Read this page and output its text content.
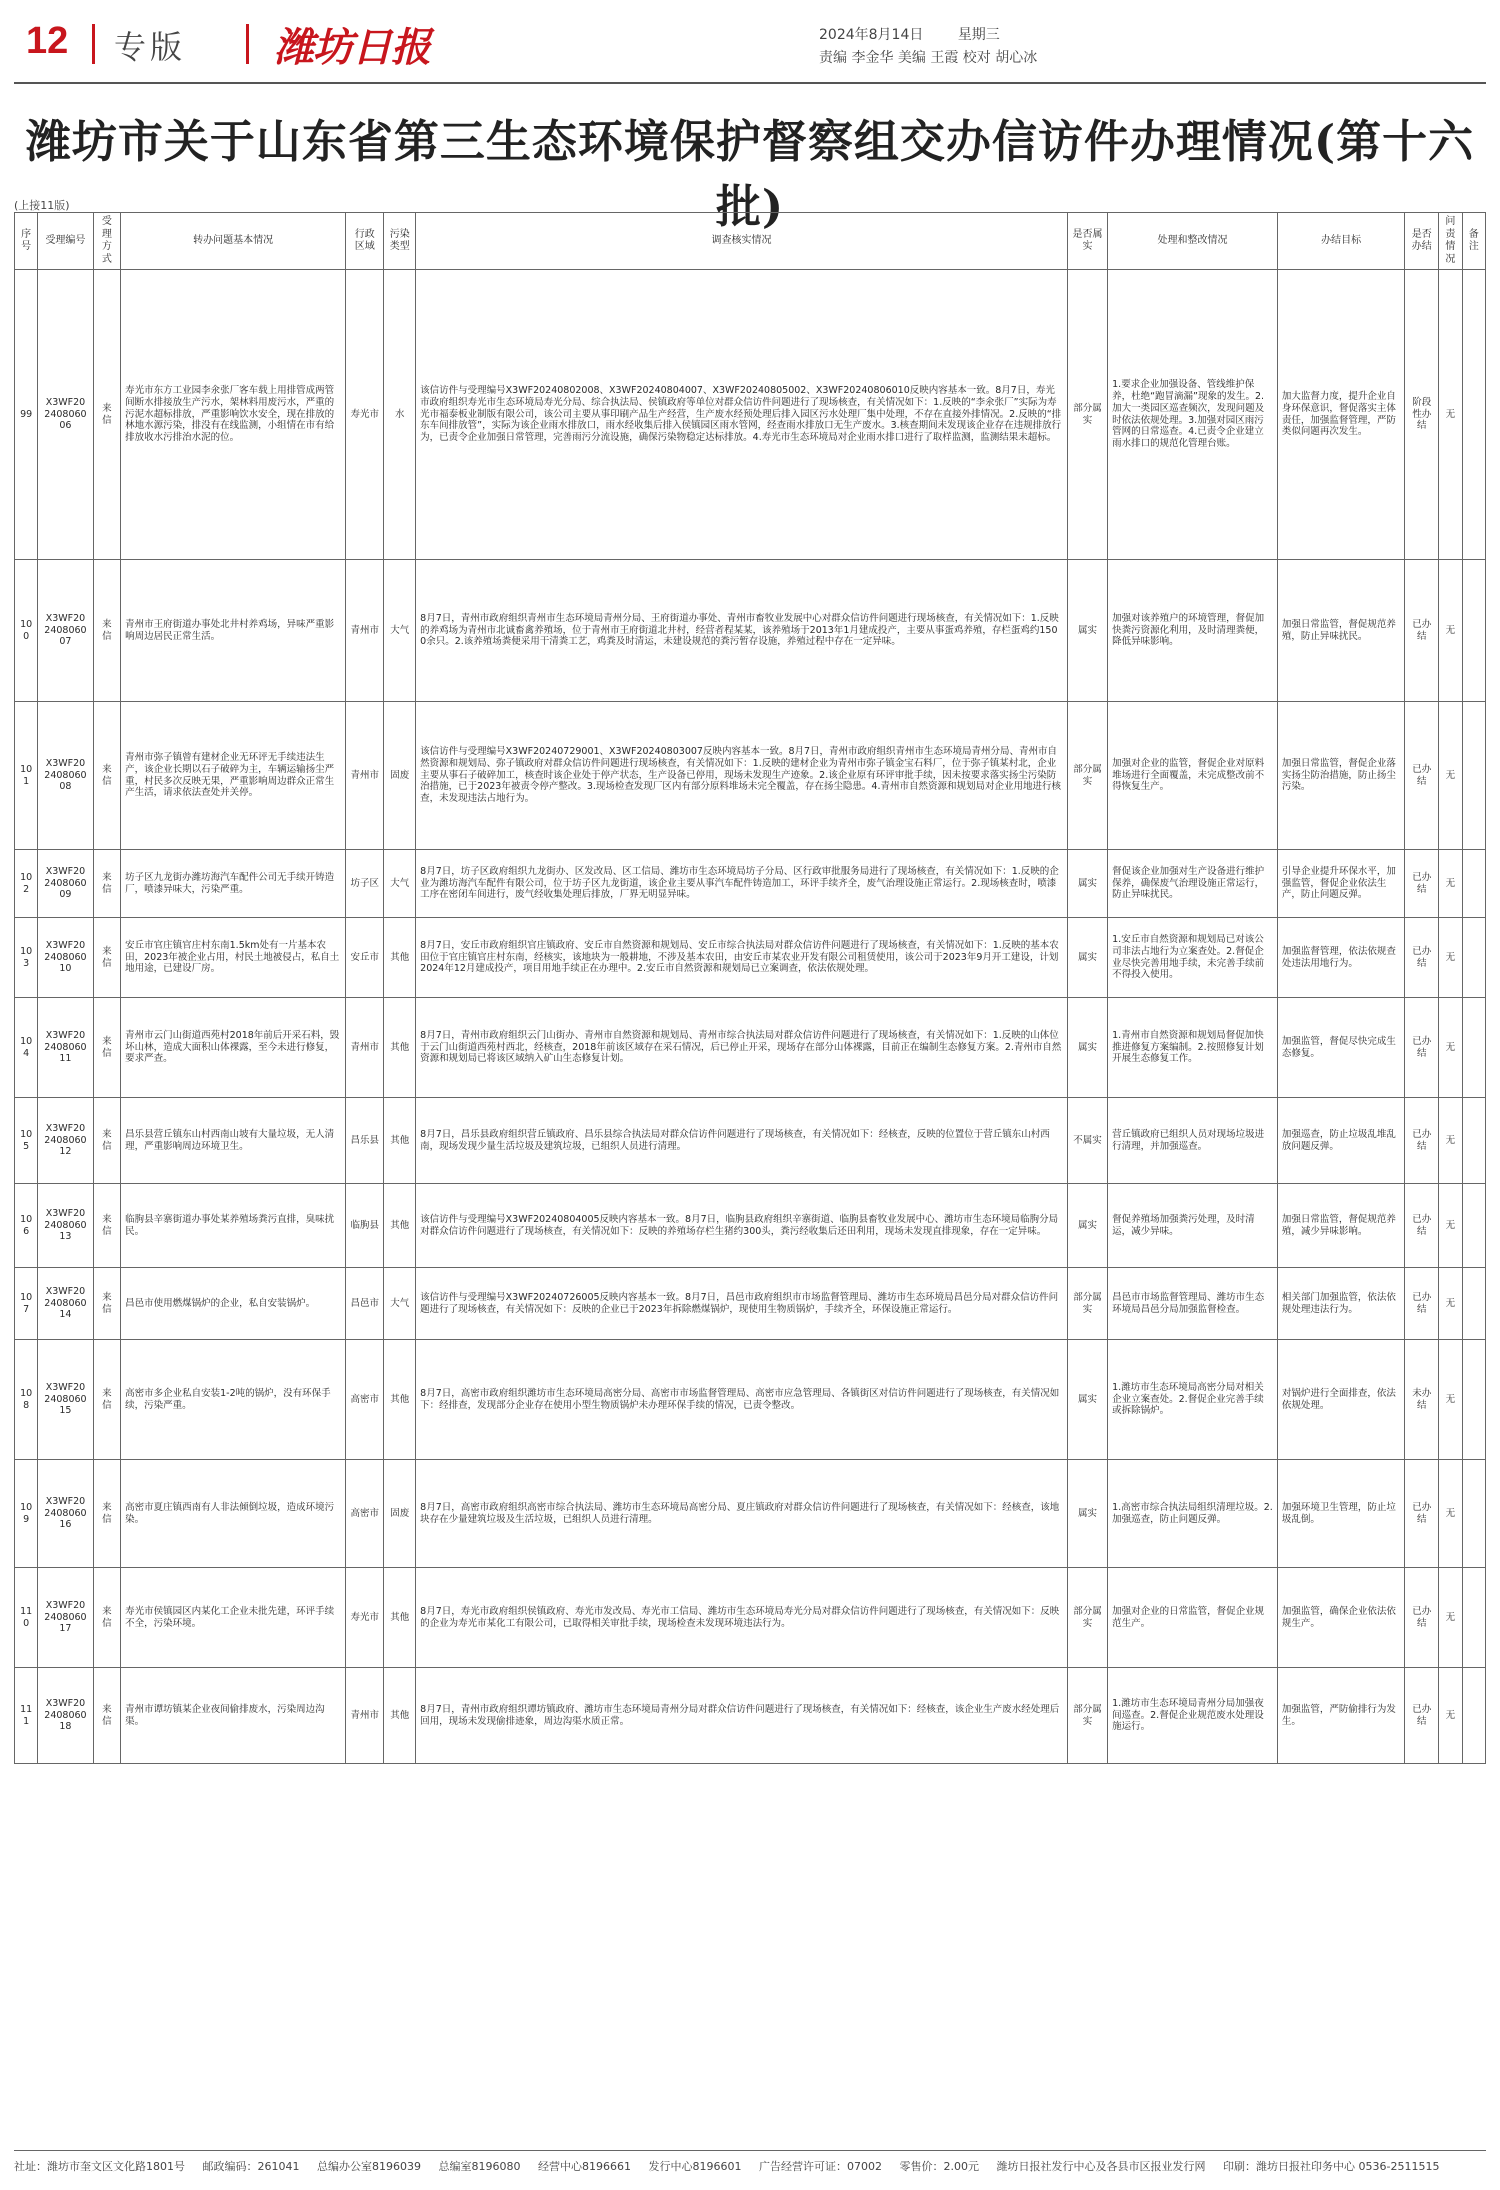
12 专版 潍坊日报	2024年8月14日 星期三
责编 李金华 美编 王霞 校对 胡心冰
潍坊市关于山东省第三生态环境保护督察组交办信访件办理情况(第十六批)
(上接11版)
序号	受理编号	受理方式	转办问题基本情况	行政区域	污染类型	调查核实情况	是否属实	处理和整改情况	办结目标	是否办结	问责情况	备注
99	X3WF20 240806006	来信	寿光市东方工业园李氽张厂客车载上用排管成两管间断水排接放生产污水，架林料用废污水，严重的污泥水超标排放，严重影响饮水安全，现在排放的林地水源污染，排没有在线监测，小组情在市有给排放收水污排治水泥的位。	寿光市	水	该信访件与受理编号X3WF20240802008、X3WF20240804007、X3WF20240805002、X3WF20240806010反映内容基本一致。8月7日，寿光市政府组织寿光市生态环境局寿光分局、综合执法局、侯镇政府等单位对群众信访件问题进行了现场核查，有关情况如下：1.反映的“李氽张厂”实际为寿光市福泰板业制版有限公司，该公司主要从事印刷产品生产经营，生产废水经预处理后排入园区污水处理厂集中处理，不存在直接外排情况。2.反映的“排东车间排放管”，实际为该企业雨水排放口，雨水经收集后排入侯镇园区雨水管网，经查雨水排放口无生产废水。3.核查期间未发现该企业存在违规排放行为，已责令企业加强日常管理，完善雨污分流设施，确保污染物稳定达标排放。4.寿光市生态环境局对企业雨水排口进行了取样监测，监测结果未超标。	部分属实	1.要求企业加强设备、管线维护保养，杜绝“跑冒滴漏”现象的发生。2.加大一类园区巡查频次，发现问题及时依法依规处理。3.加强对园区雨污管网的日常巡查。4.已责令企业建立雨水排口的规范化管理台账。	加大监督力度，提升企业自身环保意识，督促落实主体责任，加强监督管理，严防类似问题再次发生。	阶段性办结	无	
100	X3WF20 240806007	来信	青州市王府街道办事处北井村养鸡场，异味严重影响周边居民正常生活。	青州市	大气	8月7日，青州市政府组织青州市生态环境局青州分局、王府街道办事处、青州市畜牧业发展中心对群众信访件问题进行现场核查，有关情况如下：1.反映的养鸡场为青州市北诚畜禽养殖场，位于青州市王府街道北井村，经营者程某某，该养殖场于2013年1月建成投产，主要从事蛋鸡养殖，存栏蛋鸡约1500余只。2.该养殖场粪便采用干清粪工艺，鸡粪及时清运，未建设规范的粪污暂存设施，养殖过程中存在一定异味。	属实	加强对该养殖户的环境管理，督促加快粪污资源化利用，及时清理粪便，降低异味影响。	加强日常监管，督促规范养殖，防止异味扰民。	已办结	无	
101	X3WF20 240806008	来信	青州市弥子镇曾有建材企业无环评无手续违法生产，该企业长期以石子破碎为主，车辆运输扬尘严重，村民多次反映无果，严重影响周边群众正常生产生活，请求依法查处并关停。	青州市	固废	该信访件与受理编号X3WF20240729001、X3WF20240803007反映内容基本一致。8月7日，青州市政府组织青州市生态环境局青州分局、青州市自然资源和规划局、弥子镇政府对群众信访件问题进行现场核查，有关情况如下：1.反映的建材企业为青州市弥子镇金宝石料厂，位于弥子镇某村北，企业主要从事石子破碎加工，核查时该企业处于停产状态，生产设备已停用，现场未发现生产迹象。2.该企业原有环评审批手续，因未按要求落实扬尘污染防治措施，已于2023年被责令停产整改。3.现场检查发现厂区内有部分原料堆场未完全覆盖，存在扬尘隐患。4.青州市自然资源和规划局对企业用地进行核查，未发现违法占地行为。	部分属实	加强对企业的监管，督促企业对原料堆场进行全面覆盖，未完成整改前不得恢复生产。	加强日常监管，督促企业落实扬尘防治措施，防止扬尘污染。	已办结	无	
102	X3WF20 240806009	来信	坊子区九龙街办潍坊海汽车配件公司无手续开铸造厂，喷漆异味大，污染严重。	坊子区	大气	8月7日，坊子区政府组织九龙街办、区发改局、区工信局、潍坊市生态环境局坊子分局、区行政审批服务局进行了现场核查，有关情况如下：1.反映的企业为潍坊海汽车配件有限公司，位于坊子区九龙街道，该企业主要从事汽车配件铸造加工，环评手续齐全，废气治理设施正常运行。2.现场核查时，喷漆工序在密闭车间进行，废气经收集处理后排放，厂界无明显异味。	属实	督促该企业加强对生产设备进行维护保养，确保废气治理设施正常运行，防止异味扰民。	引导企业提升环保水平，加强监管，督促企业依法生产，防止问题反弹。	已办结	无	
103	X3WF20 240806010	来信	安丘市官庄镇官庄村东南1.5km处有一片基本农田，2023年被企业占用，村民土地被侵占，私自土地用途，已建设厂房。	安丘市	其他	8月7日，安丘市政府组织官庄镇政府、安丘市自然资源和规划局、安丘市综合执法局对群众信访件问题进行了现场核查，有关情况如下：1.反映的基本农田位于官庄镇官庄村东南，经核实，该地块为一般耕地，不涉及基本农田，由安丘市某农业开发有限公司租赁使用，该公司于2023年9月开工建设，计划2024年12月建成投产，项目用地手续正在办理中。2.安丘市自然资源和规划局已立案调查，依法依规处理。	属实	1.安丘市自然资源和规划局已对该公司非法占地行为立案查处。2.督促企业尽快完善用地手续，未完善手续前不得投入使用。	加强监督管理，依法依规查处违法用地行为。	已办结	无	
104	X3WF20 240806011	来信	青州市云门山街道西苑村2018年前后开采石料，毁坏山林，造成大面积山体裸露，至今未进行修复，要求严查。	青州市	其他	8月7日，青州市政府组织云门山街办、青州市自然资源和规划局、青州市综合执法局对群众信访件问题进行了现场核查，有关情况如下：1.反映的山体位于云门山街道西苑村西北，经核查，2018年前该区域存在采石情况，后已停止开采，现场存在部分山体裸露，目前正在编制生态修复方案。2.青州市自然资源和规划局已将该区域纳入矿山生态修复计划。	属实	1.青州市自然资源和规划局督促加快推进修复方案编制。2.按照修复计划开展生态修复工作。	加强监管，督促尽快完成生态修复。	已办结	无	
105	X3WF20 240806012	来信	昌乐县营丘镇东山村西南山坡有大量垃圾，无人清理，严重影响周边环境卫生。	昌乐县	其他	8月7日，昌乐县政府组织营丘镇政府、昌乐县综合执法局对群众信访件问题进行了现场核查，有关情况如下：经核查，反映的位置位于营丘镇东山村西南，现场发现少量生活垃圾及建筑垃圾，已组织人员进行清理。	不属实	营丘镇政府已组织人员对现场垃圾进行清理，并加强巡查。	加强巡查，防止垃圾乱堆乱放问题反弹。	已办结	无	
106	X3WF20 240806013	来信	临朐县辛寨街道办事处某养殖场粪污直排，臭味扰民。	临朐县	其他	该信访件与受理编号X3WF20240804005反映内容基本一致。8月7日，临朐县政府组织辛寨街道、临朐县畜牧业发展中心、潍坊市生态环境局临朐分局对群众信访件问题进行了现场核查，有关情况如下：反映的养殖场存栏生猪约300头，粪污经收集后还田利用，现场未发现直排现象，存在一定异味。	属实	督促养殖场加强粪污处理，及时清运，减少异味。	加强日常监管，督促规范养殖，减少异味影响。	已办结	无	
107	X3WF20 240806014	来信	昌邑市使用燃煤锅炉的企业，私自安装锅炉。	昌邑市	大气	该信访件与受理编号X3WF20240726005反映内容基本一致。8月7日，昌邑市政府组织市市场监督管理局、潍坊市生态环境局昌邑分局对群众信访件问题进行了现场核查，有关情况如下：反映的企业已于2023年拆除燃煤锅炉，现使用生物质锅炉，手续齐全，环保设施正常运行。	部分属实	昌邑市市场监督管理局、潍坊市生态环境局昌邑分局加强监督检查。	相关部门加强监管，依法依规处理违法行为。	已办结	无	
108	X3WF20 240806015	来信	高密市多企业私自安装1-2吨的锅炉，没有环保手续，污染严重。	高密市	其他	8月7日，高密市政府组织潍坊市生态环境局高密分局、高密市市场监督管理局、高密市应急管理局、各镇街区对信访件问题进行了现场核查，有关情况如下：经排查，发现部分企业存在使用小型生物质锅炉未办理环保手续的情况，已责令整改。	属实	1.潍坊市生态环境局高密分局对相关企业立案查处。2.督促企业完善手续或拆除锅炉。	对锅炉进行全面排查，依法依规处理。	未办结	无	
109	X3WF20 240806016	来信	高密市夏庄镇西南有人非法倾倒垃圾，造成环境污染。	高密市	固废	8月7日，高密市政府组织高密市综合执法局、潍坊市生态环境局高密分局、夏庄镇政府对群众信访件问题进行了现场核查，有关情况如下：经核查，该地块存在少量建筑垃圾及生活垃圾，已组织人员进行清理。	属实	1.高密市综合执法局组织清理垃圾。2.加强巡查，防止问题反弹。	加强环境卫生管理，防止垃圾乱倒。	已办结	无	
110	X3WF20 240806017	来信	寿光市侯镇园区内某化工企业未批先建，环评手续不全，污染环境。	寿光市	其他	8月7日，寿光市政府组织侯镇政府、寿光市发改局、寿光市工信局、潍坊市生态环境局寿光分局对群众信访件问题进行了现场核查，有关情况如下：反映的企业为寿光市某化工有限公司，已取得相关审批手续，现场检查未发现环境违法行为。	部分属实	加强对企业的日常监管，督促企业规范生产。	加强监管，确保企业依法依规生产。	已办结	无	
111	X3WF20 240806018	来信	青州市谭坊镇某企业夜间偷排废水，污染周边沟渠。	青州市	其他	8月7日，青州市政府组织谭坊镇政府、潍坊市生态环境局青州分局对群众信访件问题进行了现场核查，有关情况如下：经核查，该企业生产废水经处理后回用，现场未发现偷排迹象，周边沟渠水质正常。	部分属实	1.潍坊市生态环境局青州分局加强夜间巡查。2.督促企业规范废水处理设施运行。	加强监管，严防偷排行为发生。	已办结	无	
社址：潍坊市奎文区文化路1801号 邮政编码：261041 总编办公室8196039 总编室8196080 经营中心8196661 发行中心8196601 广告经营许可证：07002 零售价：2.00元 潍坊日报社发行中心及各县市区报业发行网 印刷：潍坊日报社印务中心 0536-2511515
